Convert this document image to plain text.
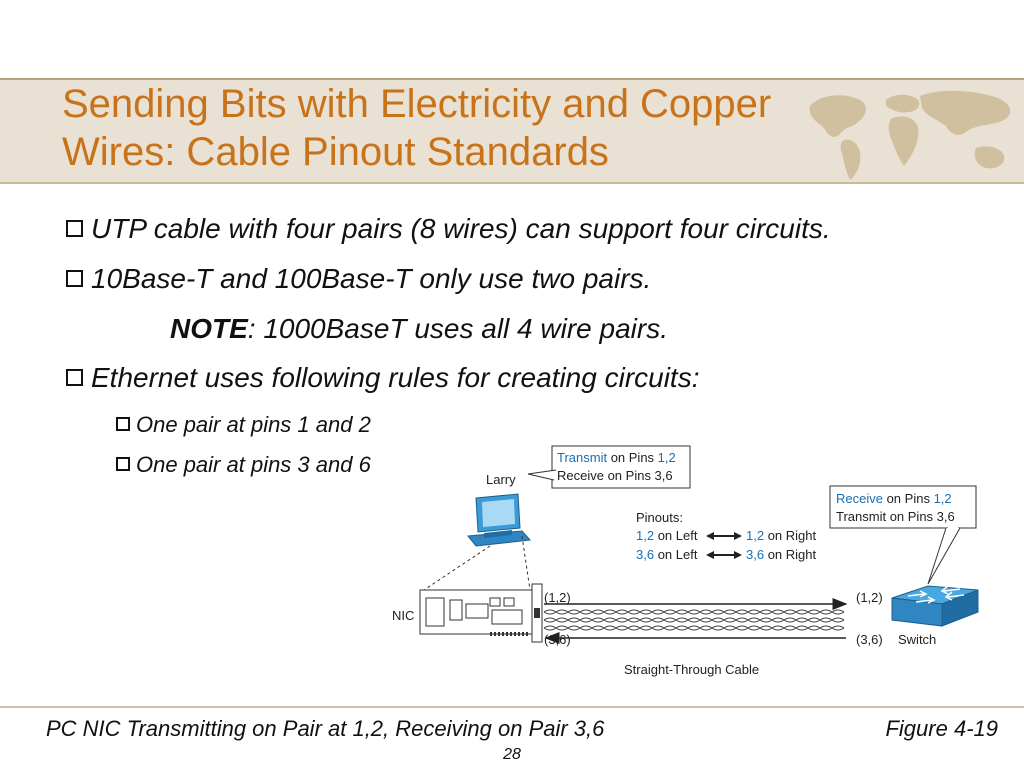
Sending Bits with Electricity and Copper
Wires: Cable Pinout Standards
UTP cable with four pairs (8 wires) can support four circuits.
10Base-T and 100Base-T only use two pairs.
NOTE: 1000BaseT uses all 4 wire pairs.
Ethernet uses following rules for creating circuits:
One pair at pins 1 and 2
One pair at pins 3 and 6
Larry
Transmit on Pins 1,2
Receive on Pins 3,6
Pinouts:
1,2 on Left	1,2 on Right
3,6 on Left	3,6 on Right
Receive on Pins 1,2
Transmit on Pins 3,6
NIC
(1,2)
(3,6)
(1,2)
(3,6) Switch
Straight-Through Cable
PC NIC Transmitting on Pair at 1,2, Receiving on Pair 3,6	Figure 4-19
28
